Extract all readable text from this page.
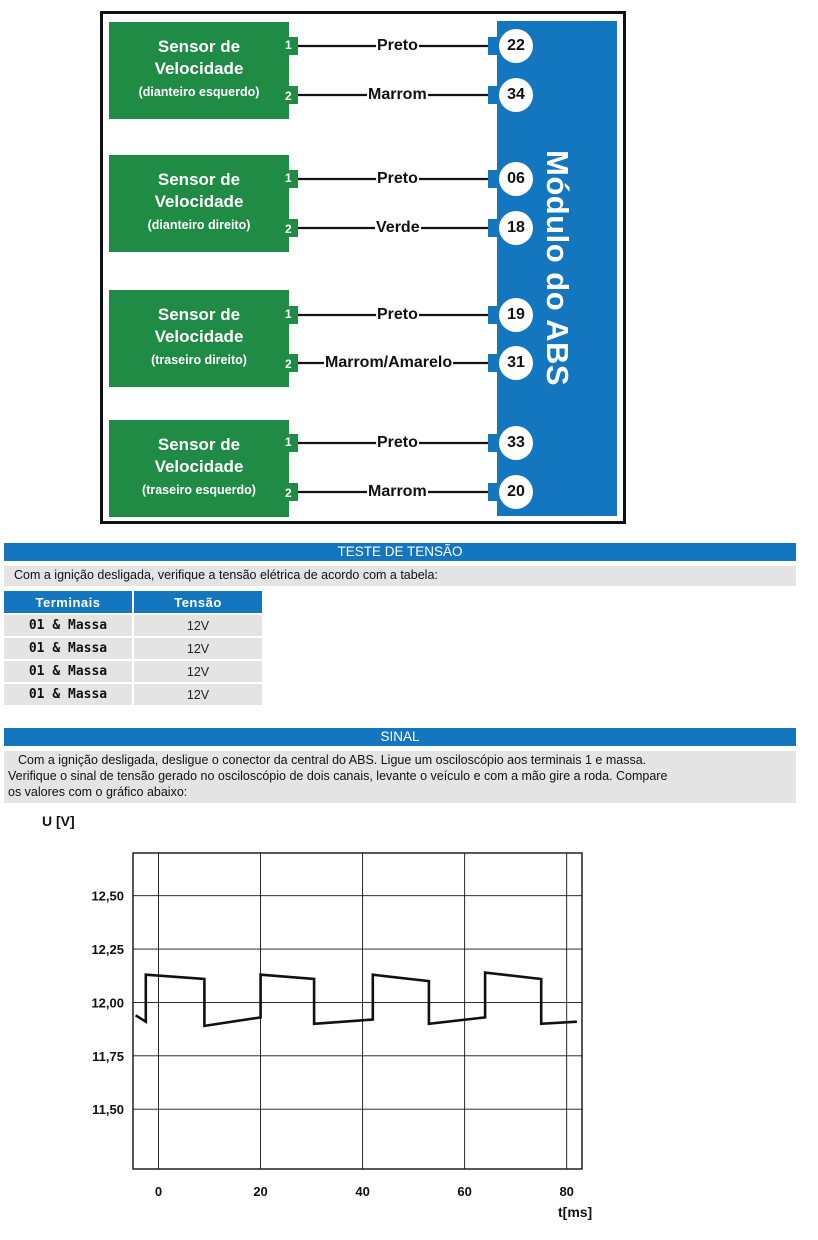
Módulo do ABS
Sensor de
Velocidade
(dianteiro esquerdo)
Sensor de
Velocidade
(dianteiro direito)
Sensor de
Velocidade
(traseiro direito)
Sensor de
Velocidade
(traseiro esquerdo)
1
2
1
2
1
2
1
2
Preto
Marrom
Preto
Verde
Preto
Marrom/Amarelo
Preto
Marrom
22
34
06
18
19
31
33
20
TESTE DE TENSÃO
Com a ignição desligada, verifique a tensão elétrica de acordo com a tabela:
Terminais	Tensão
01 & Massa	12V
01 & Massa	12V
01 & Massa	12V
01 & Massa	12V
SINAL
Com a ignição desligada, desligue o conector da central do ABS. Ligue um osciloscópio aos terminais 1 e massa.
Verifique o sinal de tensão gerado no osciloscópio de dois canais, levante o veículo e com a mão gire a roda. Compare
os valores com o gráfico abaixo:
U [V]
0	20	40	60	80
11,50
11,75
12,00
12,25
12,50
t[ms]
